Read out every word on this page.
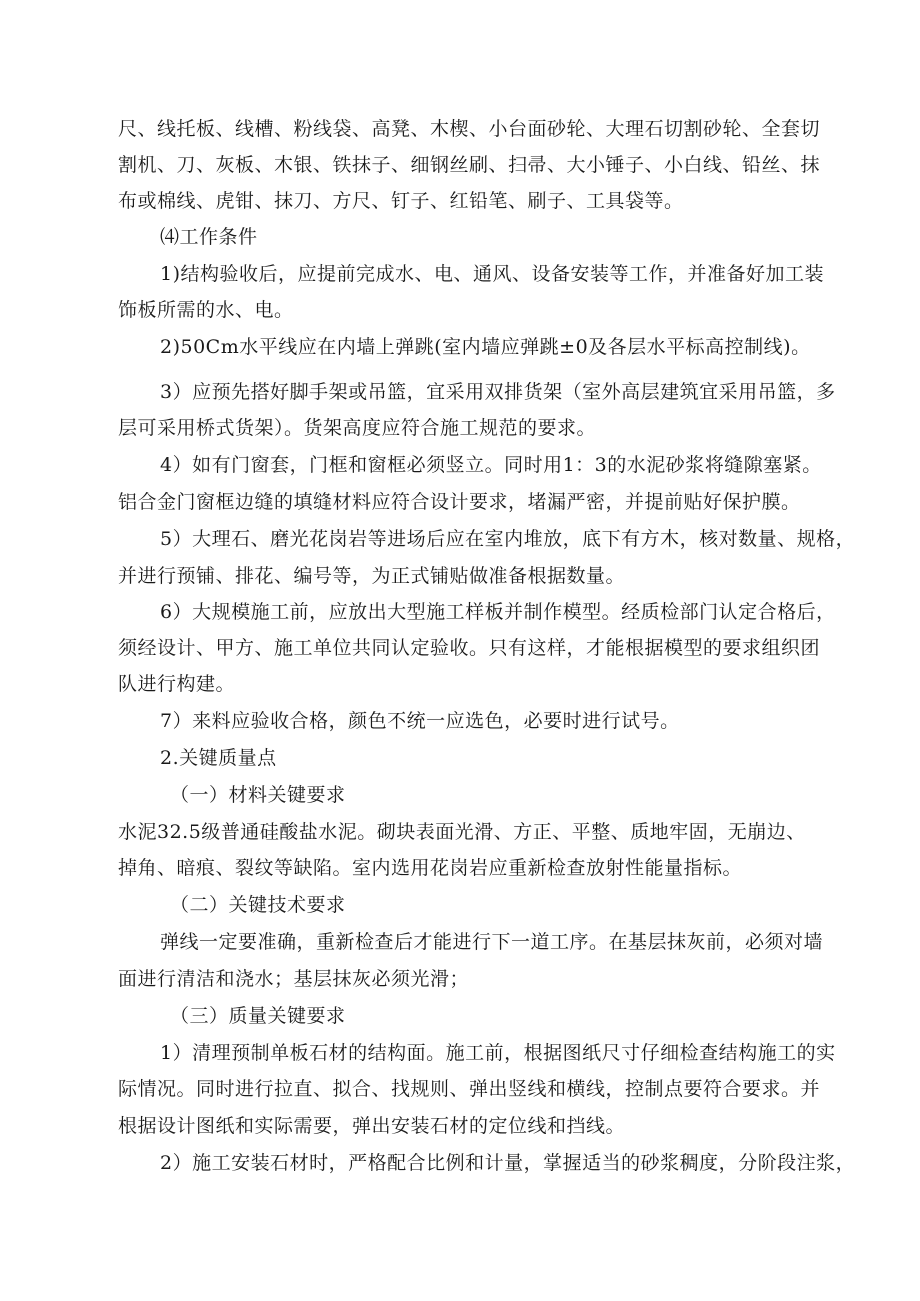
尺、线托板、线槽、粉线袋、高凳、木楔、小台面砂轮、大理石切割砂轮、全套切
割机、刀、灰板、木银、铁抹子、细钢丝刷、扫帚、大小锤子、小白线、铅丝、抹
布或棉线、虎钳、抹刀、方尺、钉子、红铅笔、刷子、工具袋等。
⑷工作条件
1)结构验收后，应提前完成水、电、通风、设备安装等工作，并准备好加工装
饰板所需的水、电。
2)50Cm水平线应在内墙上弹跳(室内墙应弹跳±0及各层水平标高控制线)。
3）应预先搭好脚手架或吊篮，宜采用双排货架（室外高层建筑宜采用吊篮，多
层可采用桥式货架）。货架高度应符合施工规范的要求。
4）如有门窗套，门框和窗框必须竖立。同时用1：3的水泥砂浆将缝隙塞紧。
铝合金门窗框边缝的填缝材料应符合设计要求，堵漏严密，并提前贴好保护膜。
5）大理石、磨光花岗岩等进场后应在室内堆放，底下有方木，核对数量、规格，
并进行预铺、排花、编号等，为正式铺贴做准备根据数量。
6）大规模施工前，应放出大型施工样板并制作模型。经质检部门认定合格后，
须经设计、甲方、施工单位共同认定验收。只有这样，才能根据模型的要求组织团
队进行构建。
7）来料应验收合格，颜色不统一应选色，必要时进行试号。
2.关键质量点
（一）材料关键要求
水泥32.5级普通硅酸盐水泥。砌块表面光滑、方正、平整、质地牢固，无崩边、
掉角、暗痕、裂纹等缺陷。室内选用花岗岩应重新检查放射性能量指标。
（二）关键技术要求
弹线一定要准确，重新检查后才能进行下一道工序。在基层抹灰前，必须对墙
面进行清洁和浇水；基层抹灰必须光滑；
（三）质量关键要求
1）清理预制单板石材的结构面。施工前，根据图纸尺寸仔细检查结构施工的实
际情况。同时进行拉直、拟合、找规则、弹出竖线和横线，控制点要符合要求。并
根据设计图纸和实际需要，弹出安装石材的定位线和挡线。
2）施工安装石材时，严格配合比例和计量，掌握适当的砂浆稠度，分阶段注浆，
